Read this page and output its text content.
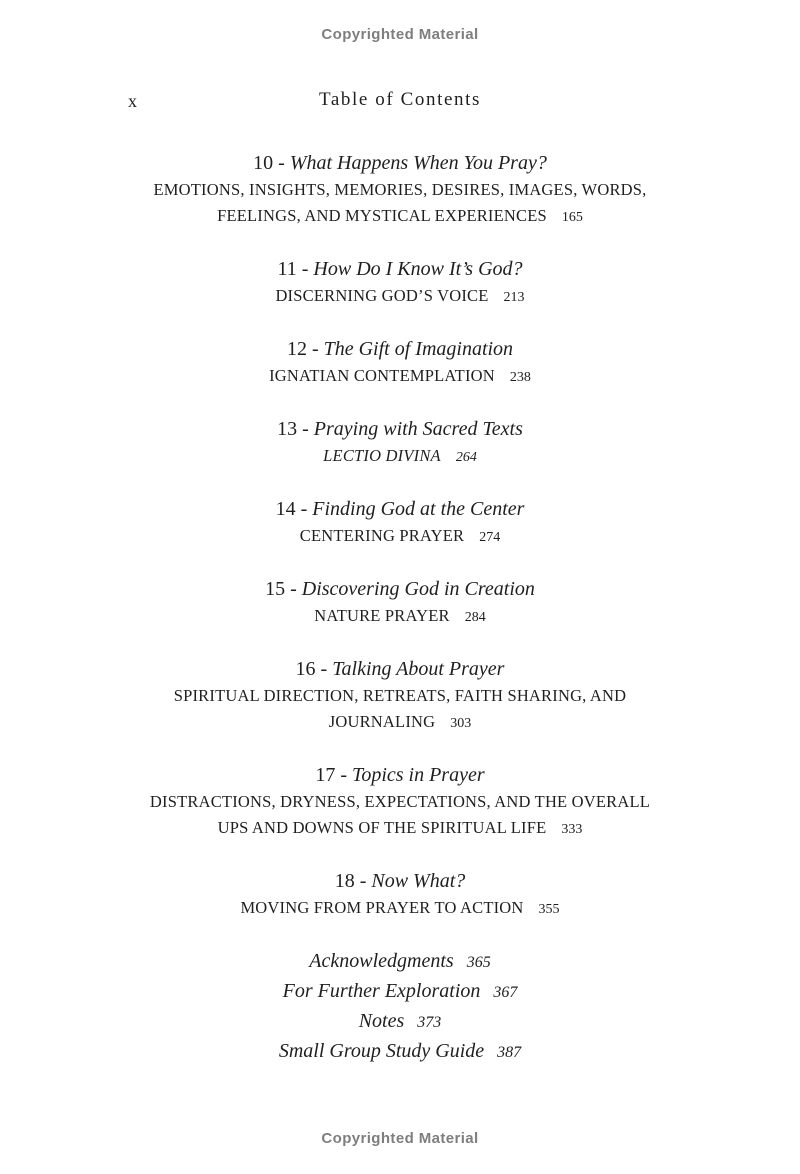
Copyrighted Material
x	Table of Contents
10 - What Happens When You Pray?
EMOTIONS, INSIGHTS, MEMORIES, DESIRES, IMAGES, WORDS,
FEELINGS, AND MYSTICAL EXPERIENCES 165
11 - How Do I Know It’s God?
DISCERNING GOD’S VOICE 213
12 - The Gift of Imagination
IGNATIAN CONTEMPLATION 238
13 - Praying with Sacred Texts
LECTIO DIVINA 264
14 - Finding God at the Center
CENTERING PRAYER 274
15 - Discovering God in Creation
NATURE PRAYER 284
16 - Talking About Prayer
SPIRITUAL DIRECTION, RETREATS, FAITH SHARING, AND
JOURNALING 303
17 - Topics in Prayer
DISTRACTIONS, DRYNESS, EXPECTATIONS, AND THE OVERALL
UPS AND DOWNS OF THE SPIRITUAL LIFE 333
18 - Now What?
MOVING FROM PRAYER TO ACTION 355
Acknowledgments 365
For Further Exploration 367
Notes 373
Small Group Study Guide 387
Copyrighted Material
